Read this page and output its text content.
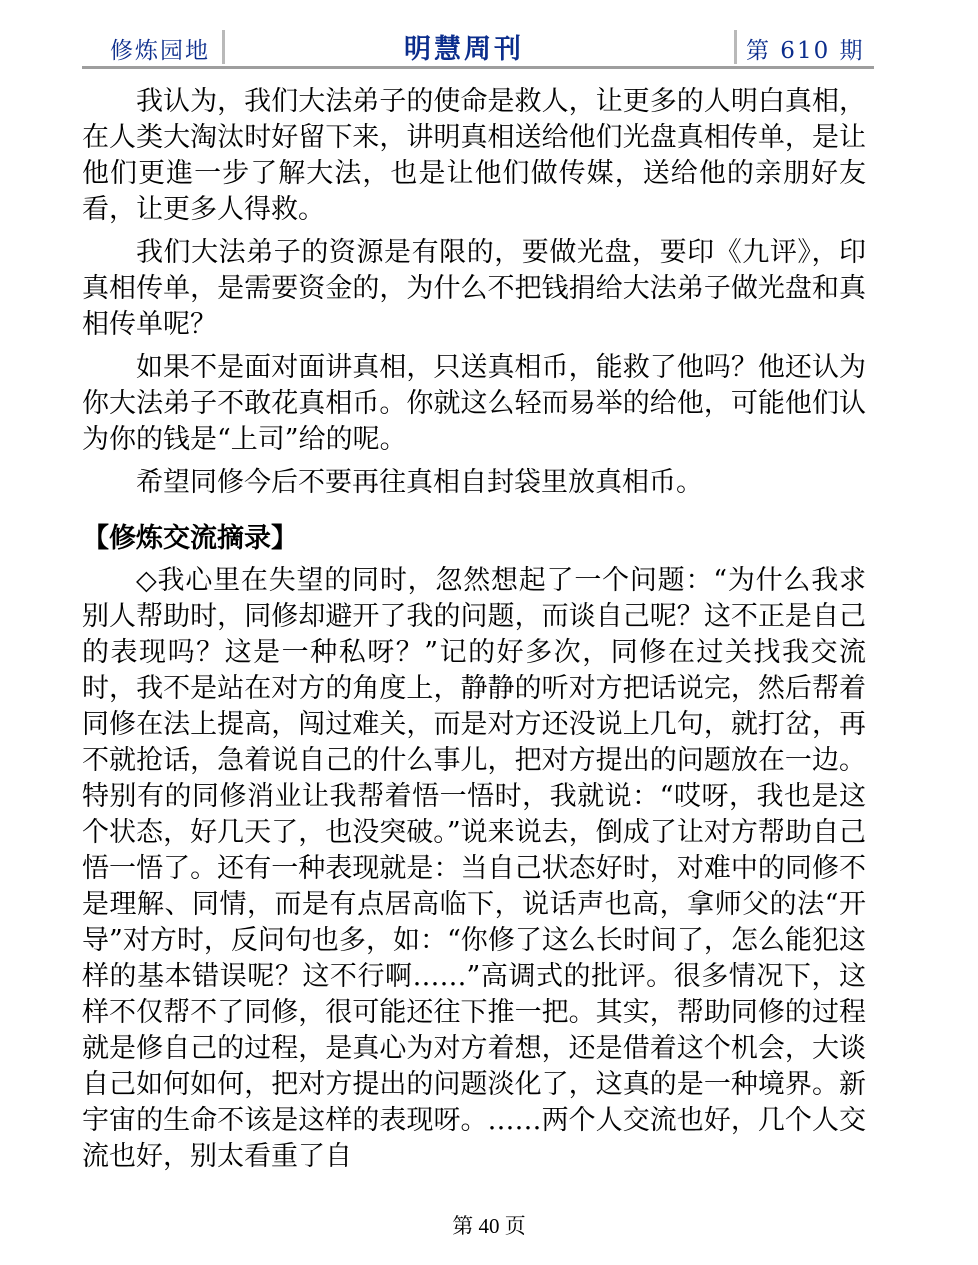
修炼园地	明慧周刊	第 610 期

我认为，我们大法弟子的使命是救人，让更多的人明白真相，在人类大淘汰时好留下来，讲明真相送给他们光盘真相传单，是让他们更進一步了解大法，也是让他们做传媒，送给他的亲朋好友看，让更多人得救。

我们大法弟子的资源是有限的，要做光盘，要印《九评》，印真相传单，是需要资金的，为什么不把钱捐给大法弟子做光盘和真相传单呢？

如果不是面对面讲真相，只送真相币，能救了他吗？他还认为你大法弟子不敢花真相币。你就这么轻而易举的给他，可能他们认为你的钱是“上司”给的呢。

希望同修今后不要再往真相自封袋里放真相币。

【修炼交流摘录】

◇我心里在失望的同时，忽然想起了一个问题：“为什么我求别人帮助时，同修却避开了我的问题，而谈自己呢？这不正是自己的表现吗？这是一种私呀？”记的好多次，同修在过关找我交流时，我不是站在对方的角度上，静静的听对方把话说完，然后帮着同修在法上提高，闯过难关，而是对方还没说上几句，就打岔，再不就抢话，急着说自己的什么事儿，把对方提出的问题放在一边。特别有的同修消业让我帮着悟一悟时，我就说：“哎呀，我也是这个状态，好几天了，也没突破。”说来说去，倒成了让对方帮助自己悟一悟了。还有一种表现就是：当自己状态好时，对难中的同修不是理解、同情，而是有点居高临下，说话声也高，拿师父的法“开导”对方时，反问句也多，如：“你修了这么长时间了，怎么能犯这样的基本错误呢？这不行啊……”高调式的批评。很多情况下，这样不仅帮不了同修，很可能还往下推一把。其实，帮助同修的过程就是修自己的过程，是真心为对方着想，还是借着这个机会，大谈自己如何如何，把对方提出的问题淡化了，这真的是一种境界。新宇宙的生命不该是这样的表现呀。……两个人交流也好，几个人交流也好，别太看重了自

第 40 页
